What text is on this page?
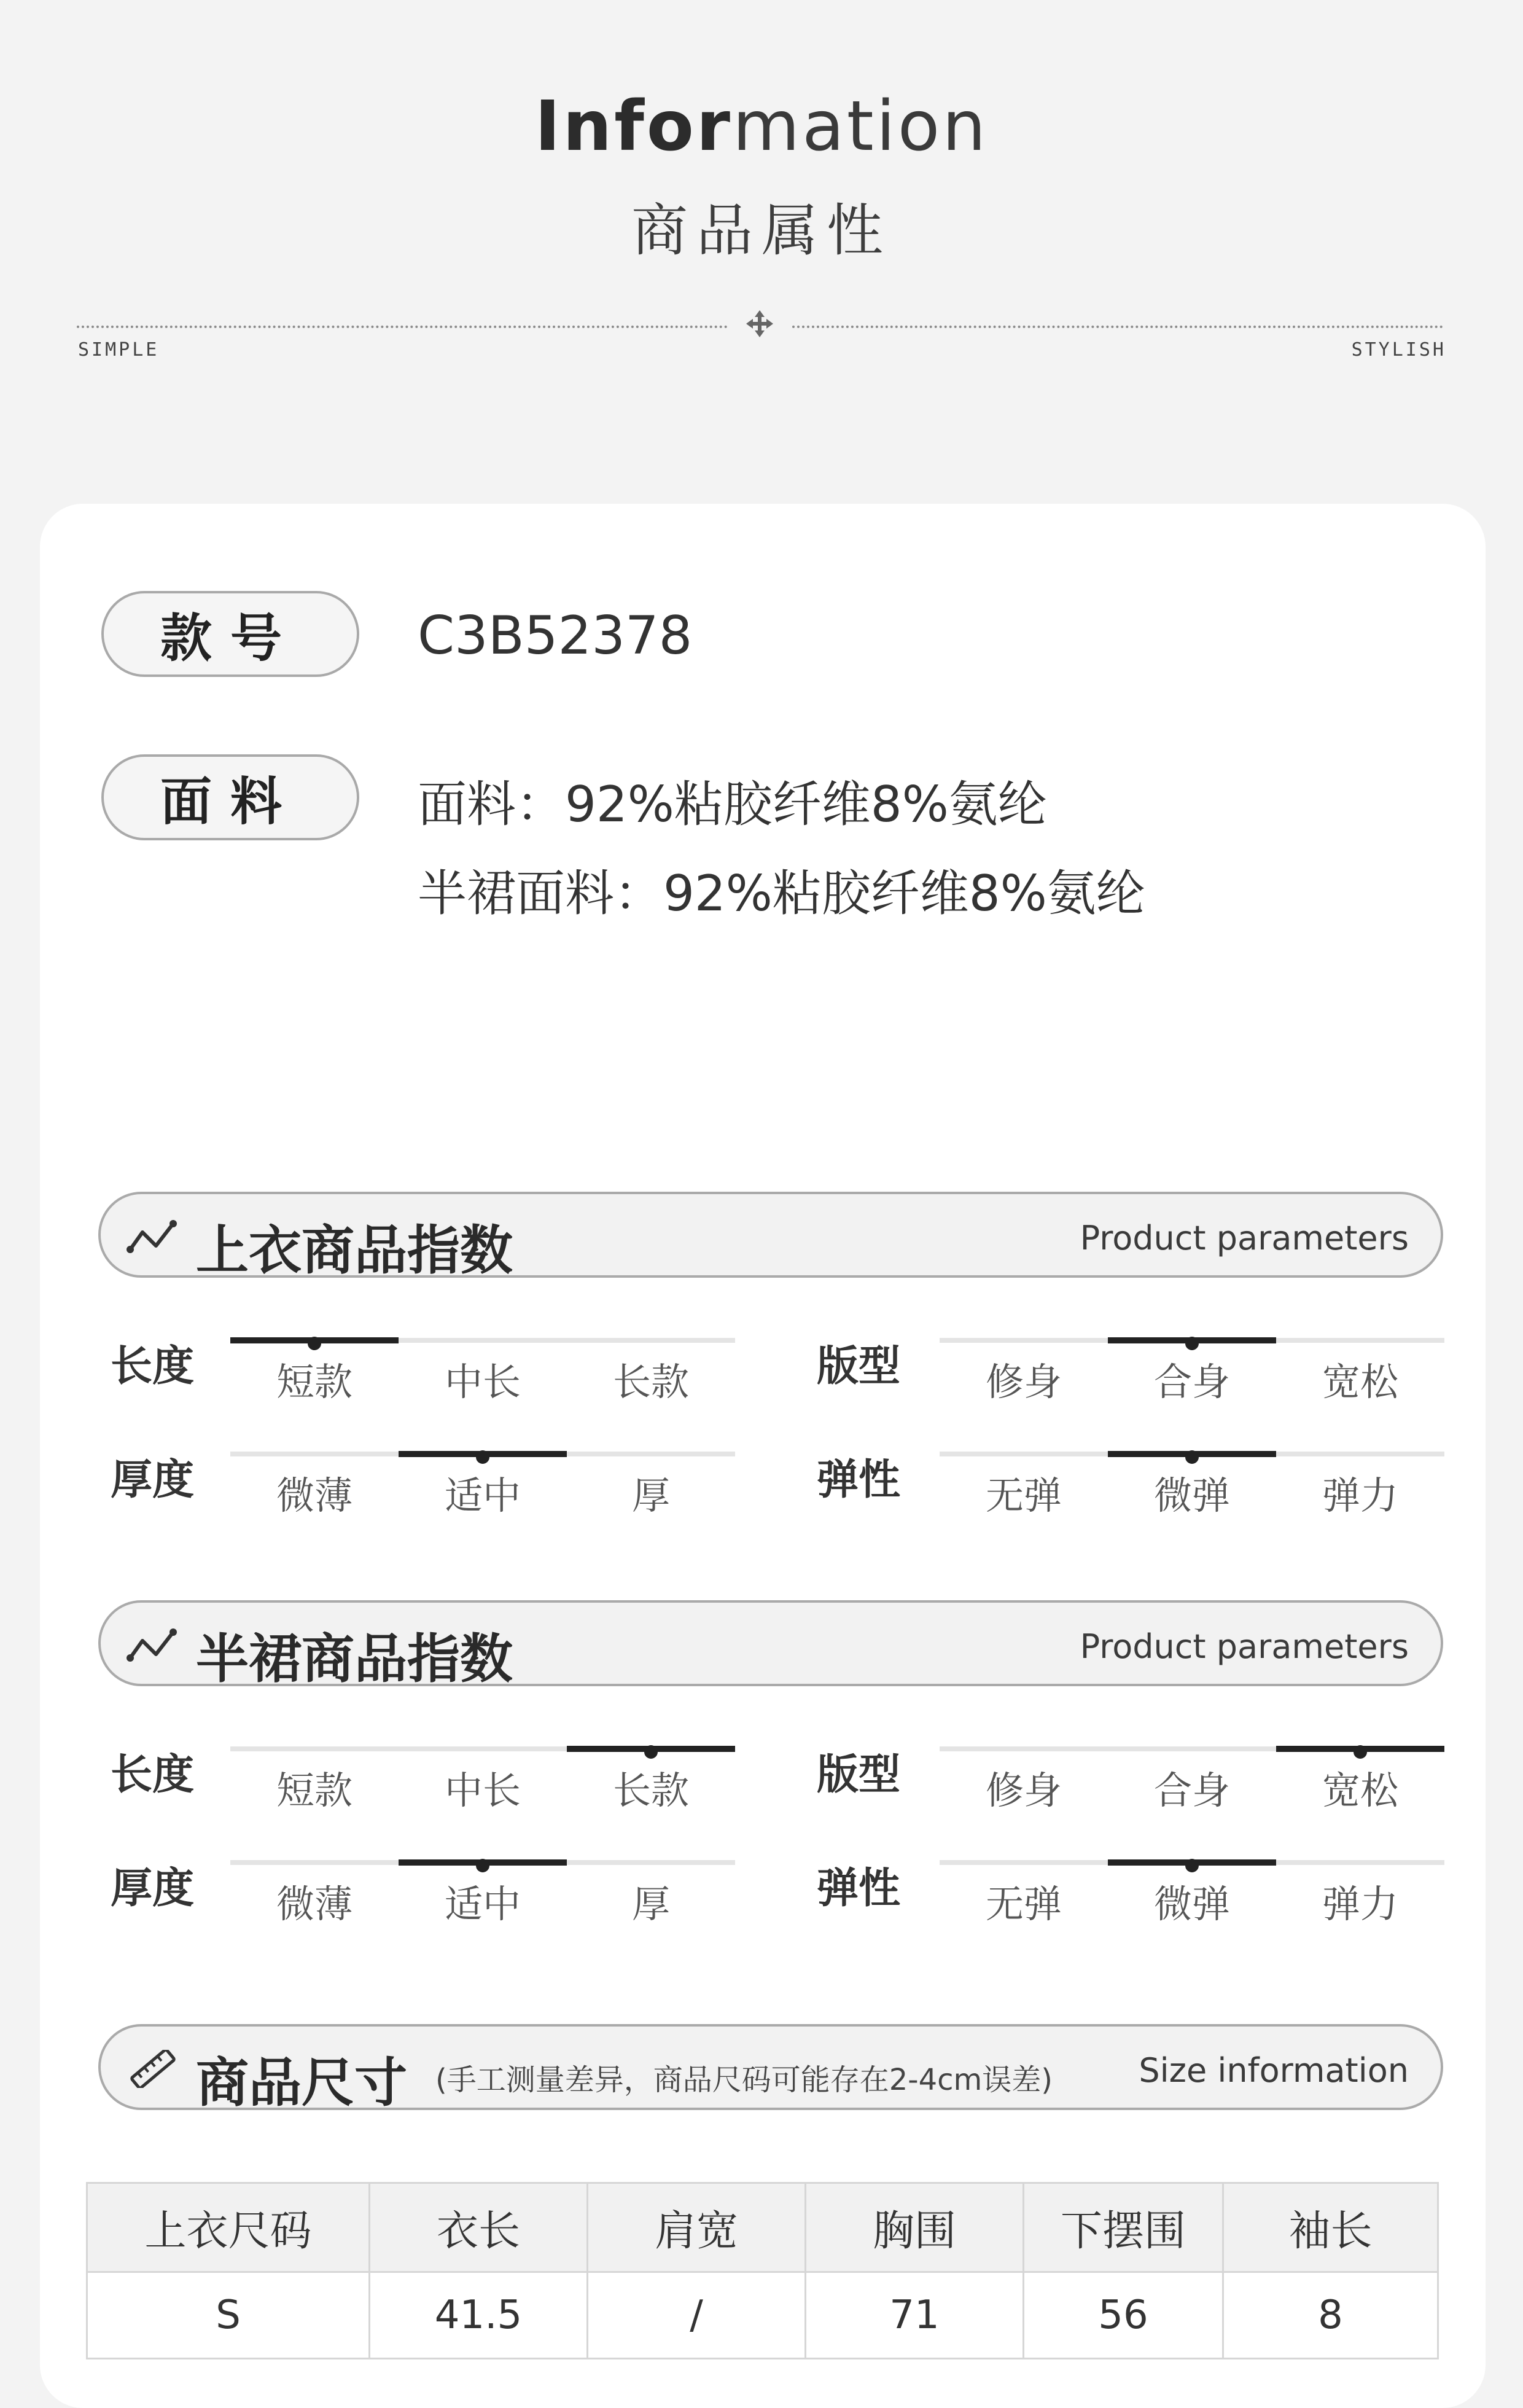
Information
商品属性
SIMPLE	STYLISH
款号	C3B52378
面料	面料：92%粘胶纤维8%氨纶
半裙面料：92%粘胶纤维8%氨纶
上衣商品指数	Product parameters
长度	短款	中长	长款	版型	修身	合身	宽松
厚度	微薄	适中	厚	弹性	无弹	微弹	弹力
半裙商品指数	Product parameters
长度	短款	中长	长款	版型	修身	合身	宽松
厚度	微薄	适中	厚	弹性	无弹	微弹	弹力
商品尺寸 (手工测量差异，商品尺码可能存在2-4cm误差)	Size information
上衣尺码	衣长	肩宽	胸围	下摆围	袖长
S	41.5	/	71	56	8
